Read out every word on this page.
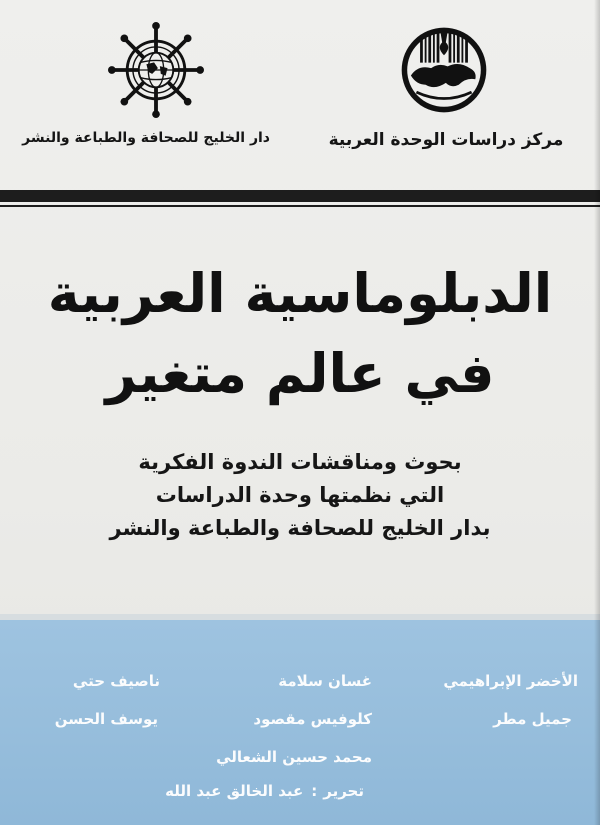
دار الخليج للصحافة والطباعة والنشر	مركز دراسات الوحدة العربية
الدبلوماسية العربية
في عالم متغير
بحوث ومناقشات الندوة الفكرية
التي نظمتها وحدة الدراسات
بدار الخليج للصحافة والطباعة والنشر
الأخضر الإبراهيمي
غسان سلامة
ناصيف حتي
جميل مطر
كلوفيس مقصود
يوسف الحسن
محمد حسين الشعالي
تحرير:عبد الخالق عبد الله
